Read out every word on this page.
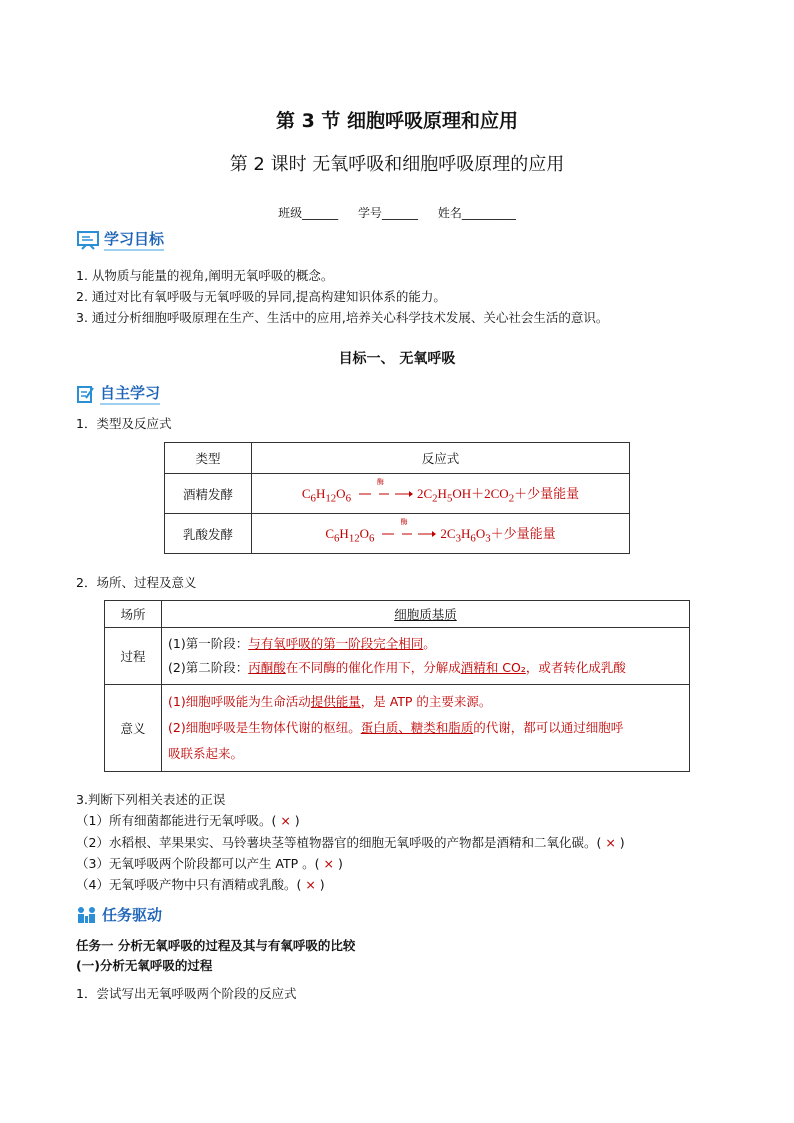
第 3 节 细胞呼吸原理和应用
第 2 课时 无氧呼吸和细胞呼吸原理的应用
班级______ 学号______ 姓名_________
学习目标
1. 从物质与能量的视角,阐明无氧呼吸的概念。
2. 通过对比有氧呼吸与无氧呼吸的异同,提高构建知识体系的能力。
3. 通过分析细胞呼吸原理在生产、生活中的应用,培养关心科学技术发展、关心社会生活的意识。
目标一、 无氧呼吸
自主学习
1．类型及反应式
类型	反应式
酒精发酵	$C_6H_{12}O_6$
酶
$2C_2H_5OH+2CO_2+$少量能量
乳酸发酵	$C_6H_{12}O_6$
酶
$2C_3H_6O_3+$少量能量
2．场所、过程及意义
场所	细胞质基质
过程	(1)第一阶段：与有氧呼吸的第一阶段完全相同。
(2)第二阶段：丙酮酸在不同酶的催化作用下，分解成酒精和 CO₂，或者转化成乳酸

意义	(1)细胞呼吸能为生命活动提供能量，是 ATP 的主要来源。
(2)细胞呼吸是生物体代谢的枢纽。蛋白质、糖类和脂质的代谢，都可以通过细胞呼
吸联系起来。
3.判断下列相关表述的正误
（1）所有细菌都能进行无氧呼吸。( × )
（2）水稻根、苹果果实、马铃薯块茎等植物器官的细胞无氧呼吸的产物都是酒精和二氧化碳。( × )
（3）无氧呼吸两个阶段都可以产生 ATP 。( × )
（4）无氧呼吸产物中只有酒精或乳酸。( × )
任务驱动
任务一 分析无氧呼吸的过程及其与有氧呼吸的比较
(一)分析无氧呼吸的过程
1．尝试写出无氧呼吸两个阶段的反应式
